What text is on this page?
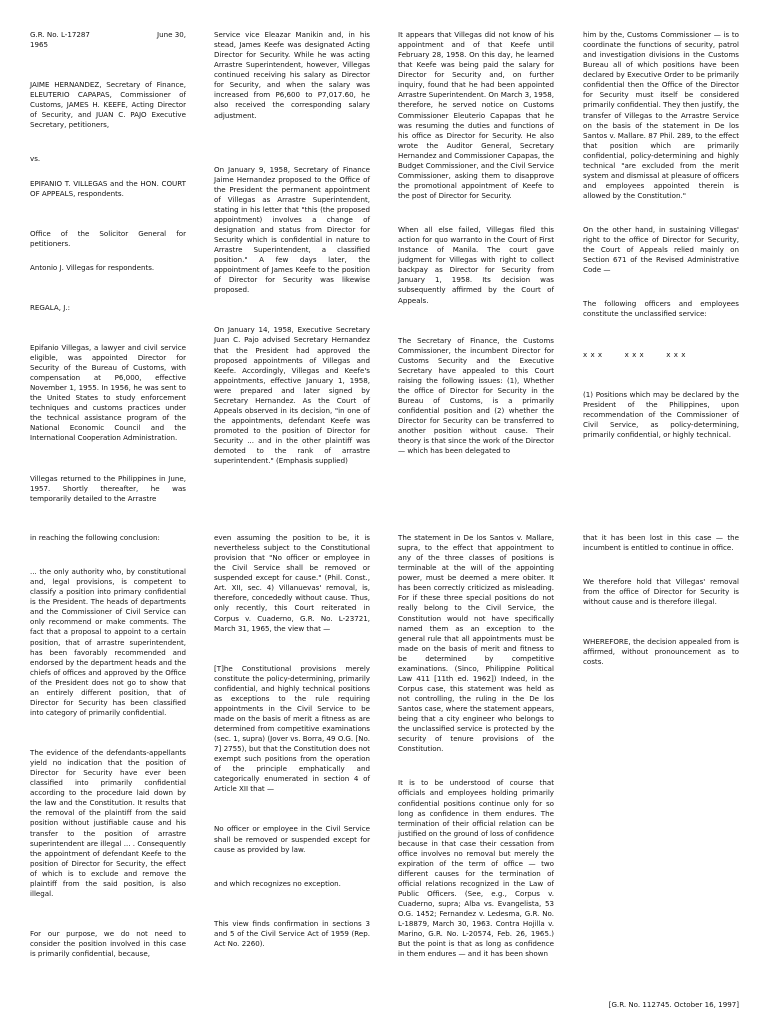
G.R. No. L-17287	June 30,

1965

JAIME HERNANDEZ, Secretary of Finance, ELEUTERIO CAPAPAS, Commissioner of Customs, JAMES H. KEEFE, Acting Director of Security, and JUAN C. PAJO Executive Secretary, petitioners,

vs.

EPIFANIO T. VILLEGAS and the HON. COURT OF APPEALS, respondents.

Office of the Solicitor General for petitioners.

Antonio J. Villegas for respondents.

REGALA, J.:

Epifanio Villegas, a lawyer and civil service eligible, was appointed Director for Security of the Bureau of Customs, with compensation at P6,000, effective November 1, 1955. In 1956, he was sent to the United States to study enforcement techniques and customs practices under the technical assistance program of the National Economic Council and the International Cooperation Administration.

Villegas returned to the Philippines in June, 1957. Shortly thereafter, he was temporarily detailed to the Arrastre

Service vice Eleazar Manikin and, in his stead, James Keefe was designated Acting Director for Security. While he was acting Arrastre Superintendent, however, Villegas continued receiving his salary as Director for Security, and when the salary was increased from P6,600 to P7,017.60, he also received the corresponding salary adjustment.

On January 9, 1958, Secretary of Finance Jaime Hernandez proposed to the Office of the President the permanent appointment of Villegas as Arrastre Superintendent, stating in his letter that "this (the proposed appointment) involves a change of designation and status from Director for Security which is confidential in nature to Arrastre Superintendent, a classified position." A few days later, the appointment of James Keefe to the position of Director for Security was likewise proposed.

On January 14, 1958, Executive Secretary Juan C. Pajo advised Secretary Hernandez that the President had approved the proposed appointments of Villegas and Keefe. Accordingly, Villegas and Keefe's appointments, effective January 1, 1958, were prepared and later signed by Secretary Hernandez. As the Court of Appeals observed in its decision, "in one of the appointments, defendant Keefe was promoted to the position of Director for Security ... and in the other plaintiff was demoted to the rank of arrastre superintendent." (Emphasis supplied)

It appears that Villegas did not know of his appointment and of that Keefe until February 28, 1958. On this day, he learned that Keefe was being paid the salary for Director for Security and, on further inquiry, found that he had been appointed Arrastre Superintendent. On March 3, 1958, therefore, he served notice on Customs Commissioner Eleuterio Capapas that he was resuming the duties and functions of his office as Director for Security. He also wrote the Auditor General, Secretary Hernandez and Commissioner Capapas, the Budget Commissioner, and the Civil Service Commissioner, asking them to disapprove the promotional appointment of Keefe to the post of Director for Security.

When all else failed, Villegas filed this action for quo warranto in the Court of First Instance of Manila. The court gave judgment for Villegas with right to collect backpay as Director for Security from January 1, 1958. Its decision was subsequently affirmed by the Court of Appeals.

The Secretary of Finance, the Customs Commissioner, the incumbent Director for Customs Security and the Executive Secretary have appealed to this Court raising the following issues: (1), Whether the office of Director for Security in the Bureau of Customs, is a primarily confidential position and (2) whether the Director for Security can be transferred to another position without cause. Their theory is that since the work of the Director — which has been delegated to

him by the, Customs Commissioner — is to coordinate the functions of security, patrol and investigation divisions in the Customs Bureau all of which positions have been declared by Executive Order to be primarily confidential then the Office of the Director for Security must itself be considered primarily confidential. They then justify, the transfer of Villegas to the Arrastre Service on the basis of the statement in De los Santos v. Mallare. 87 Phil. 289, to the effect that position which are primarily confidential, policy-determining and highly technical "are excluded from the merit system and dismissal at pleasure of officers and employees appointed therein is allowed by the Constitution."

On the other hand, in sustaining Villegas' right to the office of Director for Security, the Court of Appeals relied mainly on Section 671 of the Revised Administrative Code —

The following officers and employees constitute the unclassified service:

x x x        x x x        x x x

(1) Positions which may be declared by the President of the Philippines, upon recommendation of the Commissioner of Civil Service, as policy-determining, primarily confidential, or highly technical.

in reaching the following conclusion:

... the only authority who, by constitutional and, legal provisions, is competent to classify a position into primary confidential is the President. The heads of departments and the Commissioner of Civil Service can only recommend or make comments. The fact that a proposal to appoint to a certain position, that of arrastre superintendent, has been favorably recommended and endorsed by the department heads and the chiefs of offices and approved by the Office of the President does not go to show that an entirely different position, that of Director for Security has been classified into category of primarily confidential.

The evidence of the defendants-appellants yield no indication that the position of Director for Security have ever been classified into primarily confidential according to the procedure laid down by the law and the Constitution. It results that the removal of the plaintiff from the said position without justifiable cause and his transfer to the position of arrastre superintendent are illegal ... . Consequently the appointment of defendant Keefe to the position of Director for Security, the effect of which is to exclude and remove the plaintiff from the said position, is also illegal.

For our purpose, we do not need to consider the position involved in this case is primarily confidential, because,

even assuming the position to be, it is nevertheless subject to the Constitutional provision that "No officer or employee in the Civil Service shall be removed or suspended except for cause." (Phil. Const., Art. XII, sec. 4) Villanuevas' removal, is, therefore, concededly without cause. Thus, only recently, this Court reiterated in Corpus v. Cuaderno, G.R. No. L-23721, March 31, 1965, the view that —

[T]he Constitutional provisions merely constitute the policy-determining, primarily confidential, and highly technical positions as exceptions to the rule requiring appointments in the Civil Service to be made on the basis of merit a fitness as are determined from competitive examinations (sec. 1, supra) (Jover vs. Borra, 49 O.G. [No. 7] 2755), but that the Constitution does not exempt such positions from the operation of the principle emphatically and categorically enumerated in section 4 of Article XII that —

No officer or employee in the Civil Service shall be removed or suspended except for cause as provided by law.

and which recognizes no exception.

This view finds confirmation in sections 3 and 5 of the Civil Service Act of 1959 (Rep. Act No. 2260).

The statement in De los Santos v. Mallare, supra, to the effect that appointment to any of the three classes of positions is terminable at the will of the appointing power, must be deemed a mere obiter. It has been correctly criticized as misleading. For if these three special positions do not really belong to the Civil Service, the Constitution would not have specifically named them as an exception to the general rule that all appointments must be made on the basis of merit and fitness to be determined by competitive examinations. (Sinco, Philippine Political Law 411 [11th ed. 1962]) Indeed, in the Corpus case, this statement was held as not controlling, the ruling in the De los Santos case, where the statement appears, being that a city engineer who belongs to the unclassified service is protected by the security of tenure provisions of the Constitution.

It is to be understood of course that officials and employees holding primarily confidential positions continue only for so long as confidence in them endures. The termination of their official relation can be justified on the ground of loss of confidence because in that case their cessation from office involves no removal but merely the expiration of the term of office — two different causes for the termination of official relations recognized in the Law of Public Officers. (See, e.g., Corpus v. Cuaderno, supra; Alba vs. Evangelista, 53 O.G. 1452; Fernandez v. Ledesma, G.R. No. L-18879, March 30, 1963. Contra Hojilla v. Marino, G.R. No. L-20574, Feb. 26, 1965.) But the point is that as long as confidence in them endures — and it has been shown

that it has been lost in this case — the incumbent is entitled to continue in office.

We therefore hold that Villegas' removal from the office of Director for Security is without cause and is therefore illegal.

WHEREFORE, the decision appealed from is affirmed, without pronouncement as to costs.

[G.R. No. 112745. October 16, 1997]
